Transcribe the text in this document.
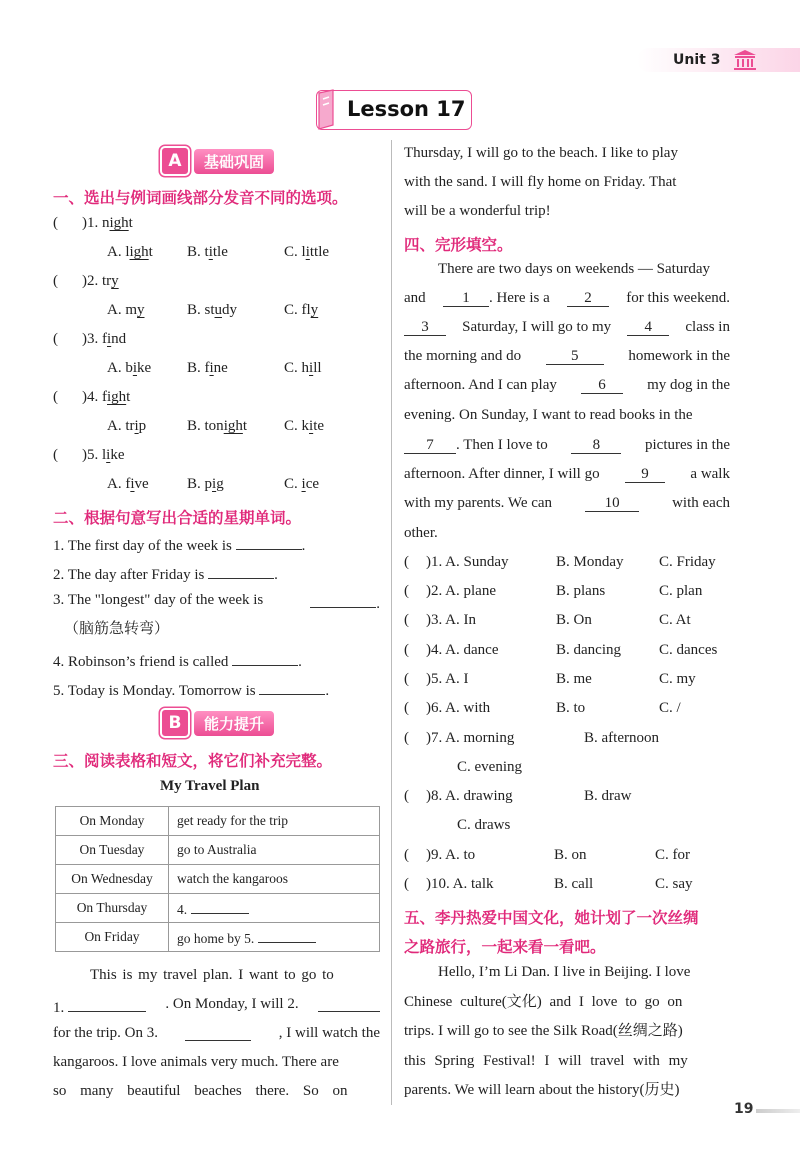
Unit 3
Lesson 17
A	基础巩固
一、选出与例词画线部分发音不同的选项。
( )1. night
A. light B. title	C. little
( )2. try
A. my	B. study	C. fly
( )3. find
A. bike B. fine	C. hill
( )4. fight
A. trip	B. tonight C. kite
( )5. like
A. five	B. pig	C. ice
二、根据句意写出合适的星期单词。
1. The first day of the week is	.
2. The day after Friday is	.
3. The "longest" day of the week is	.
（脑筋急转弯）
4. Robinson’s friend is called	.
5. Today is Monday. Tomorrow is	.
B	能力提升
三、阅读表格和短文，将它们补充完整。
My Travel Plan
On Monday	get ready for the trip
On Tuesday	go to Australia
On Wednesday	watch the kangaroos
On Thursday	4.
On Friday	go home by 5.
This is my travel plan. I want to go to
1.	. On Monday, I will 2.
for the trip. On 3.	, I will watch the
kangaroos. I love animals very much. There are
so many beautiful beaches there. So on
Thursday, I will go to the beach. I like to play
with the sand. I will fly home on Friday. That
will be a wonderful trip!
四、完形填空。
There are two days on weekends — Saturday
and	1 . Here is a	2	for this weekend.
3	Saturday, I will go to my	4	class in
the morning and do	5	homework in the
afternoon. And I can play	6	my dog in the
evening. On Sunday, I want to read books in the
7 . Then I love to	8	pictures in the
afternoon. After dinner, I will go	9	a walk
with my parents. We can	10	with each
other.
( )1. A. Sunday	B. Monday C. Friday
( )2. A. plane	B. plans	C. plan
( )3. A. In	B. On	C. At
( )4. A. dance	B. dancing	C. dances
( )5. A. I	B. me	C. my
( )6. A. with	B. to	C. /
( )7. A. morning	B. afternoon
C. evening
( )8. A. drawing	B. draw
C. draws
( )9. A. to	B. on	C. for
( )10. A. talk	B. call	C. say
五、李丹热爱中国文化，她计划了一次丝绸
之路旅行，一起来看一看吧。
Hello, I’m Li Dan. I live in Beijing. I love
Chinese culture(文化) and I love to go on
trips. I will go to see the Silk Road(丝绸之路)
this Spring Festival! I will travel with my
parents. We will learn about the history(历史)
19
